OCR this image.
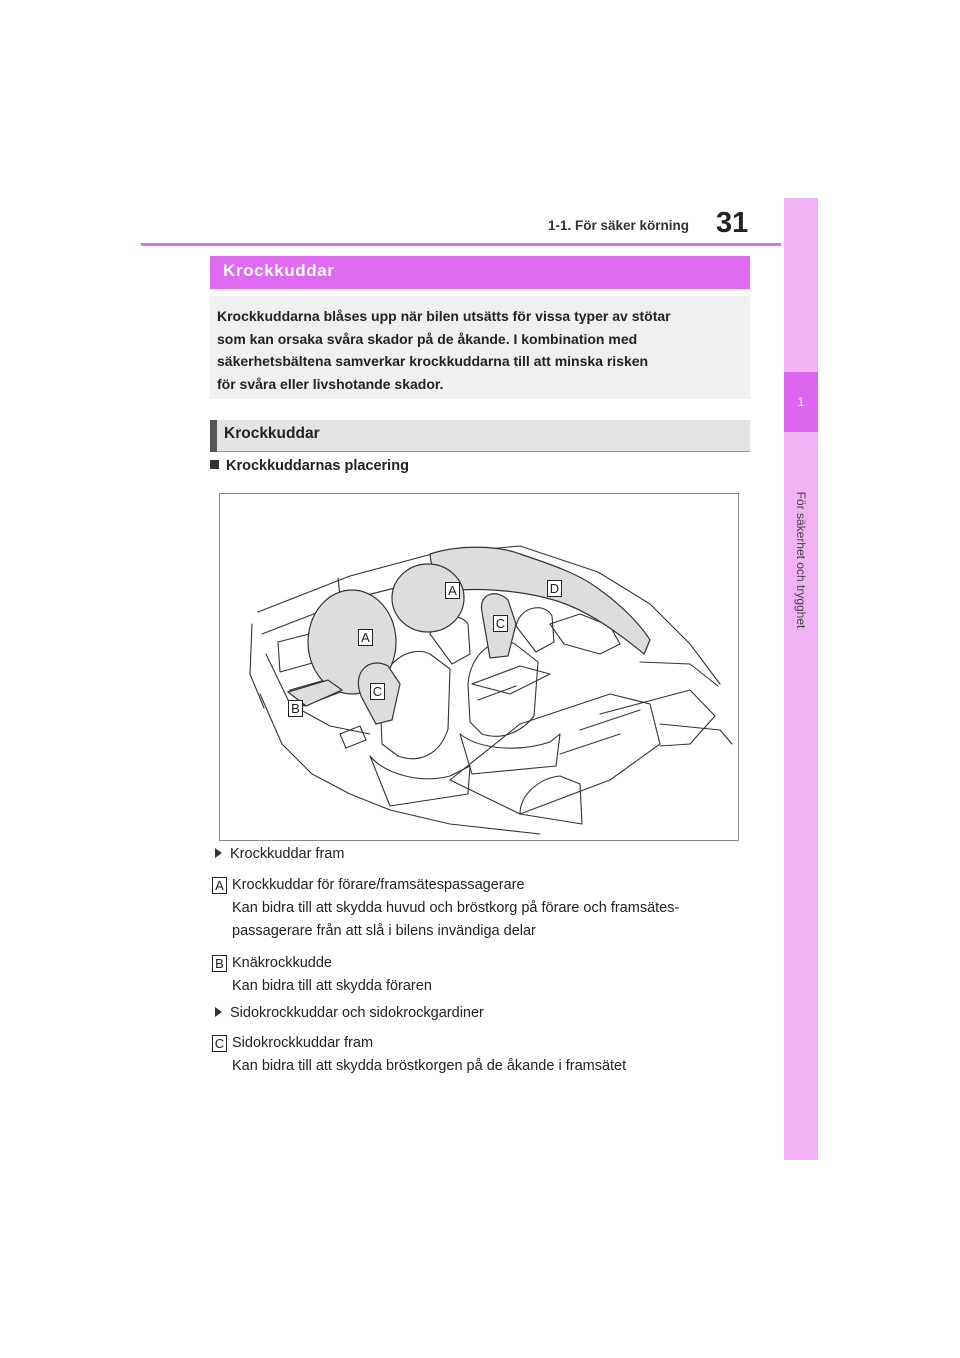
1-1. För säker körning 31
1
För säkerhet och trygghet
Krockkuddar

Krockkuddarna blåses upp när bilen utsätts för vissa typer av stötar

som kan orsaka svåra skador på de åkande. I kombination med

säkerhetsbältena samverkar krockkuddarna till att minska risken

för svåra eller livshotande skador.

Krockkuddar
Krockkuddarnas placering
A	D
C
A
C
B
Krockkuddar fram
A Krockkuddar för förare/framsätespassagerare
Kan bidra till att skydda huvud och bröstkorg på förare och framsätes-
passagerare från att slå i bilens invändiga delar
B Knäkrockkudde
Kan bidra till att skydda föraren
Sidokrockkuddar och sidokrockgardiner
C Sidokrockkuddar fram
Kan bidra till att skydda bröstkorgen på de åkande i framsätet
